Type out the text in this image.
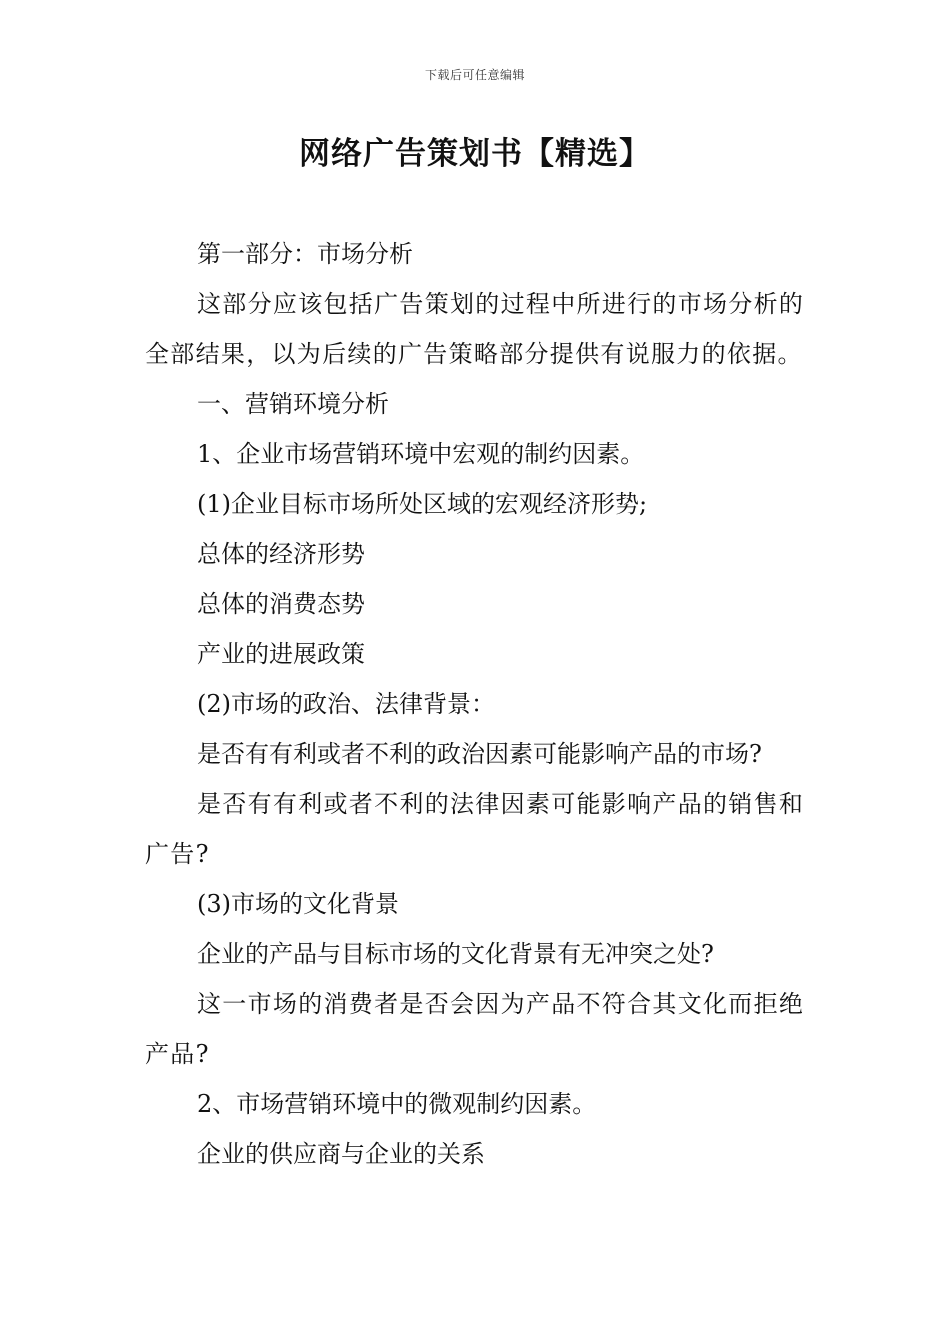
下载后可任意编辑
网络广告策划书【精选】

第一部分：市场分析

这部分应该包括广告策划的过程中所进行的市场分析的全部结果，以为后续的广告策略部分提供有说服力的依据。

一、营销环境分析

1、企业市场营销环境中宏观的制约因素。

(1)企业目标市场所处区域的宏观经济形势;

总体的经济形势

总体的消费态势

产业的进展政策

(2)市场的政治、法律背景：

是否有有利或者不利的政治因素可能影响产品的市场?

是否有有利或者不利的法律因素可能影响产品的销售和广告?

(3)市场的文化背景

企业的产品与目标市场的文化背景有无冲突之处?

这一市场的消费者是否会因为产品不符合其文化而拒绝产品?

2、市场营销环境中的微观制约因素。

企业的供应商与企业的关系
